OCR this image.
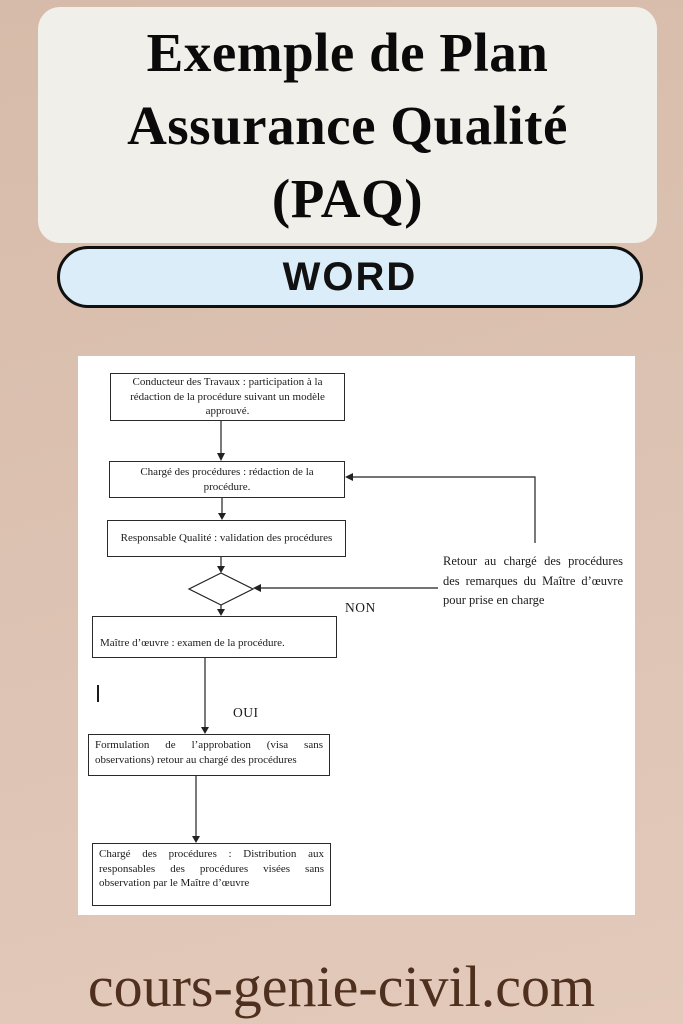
Exemple de Plan
Assurance Qualité
(PAQ)
WORD
Conducteur des Travaux : participation à la rédaction de la procédure suivant un modèle approuvé.
Chargé des procédures : rédaction de la procédure.
Responsable Qualité : validation des procédures
Maître d’œuvre : examen de la procédure.
Formulation de l’approbation (visa sans observations) retour au chargé des procédures
Chargé des procédures : Distribution aux responsables des procédures visées sans observation par le Maître d’œuvre
Retour au chargé des procédures des remarques du Maître d’œuvre pour prise en charge
NON
OUI
cours-genie-civil.com
